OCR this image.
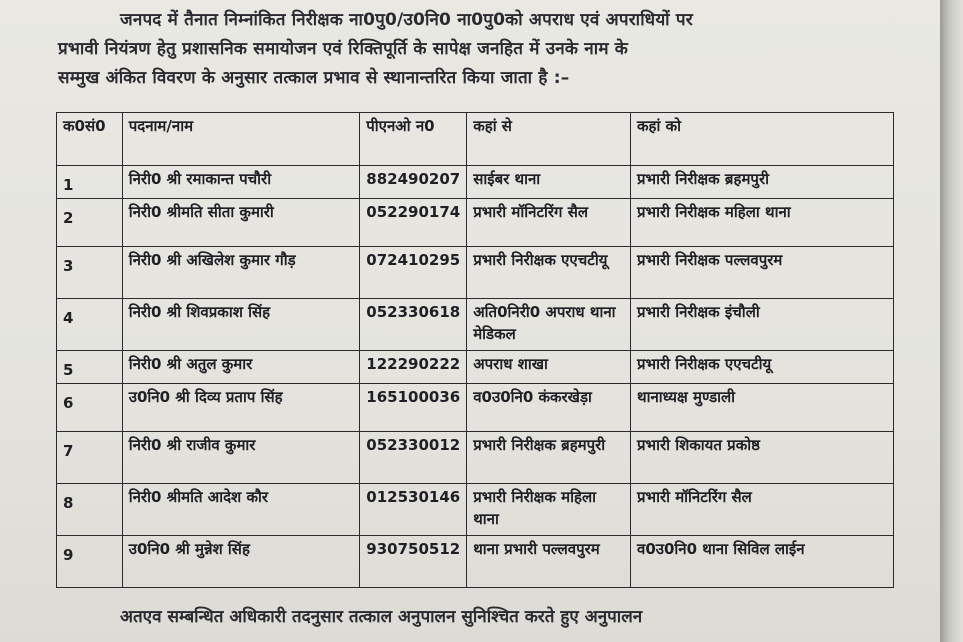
जनपद में तैनात निम्नांकित निरीक्षक ना0पु0/उ0नि0 ना0पु0को अपराध एवं अपराधियों पर

प्रभावी नियंत्रण हेतु प्रशासनिक समायोजन एवं रिक्तिपूर्ति के सापेक्ष जनहित में उनके नाम के

सम्मुख अंकित विवरण के अनुसार तत्काल प्रभाव से स्थानान्तरित किया जाता है :–

क0सं0	पदनाम/नाम	पीएनओ न0	कहां से	कहां को
1	निरी0 श्री रमाकान्त पचौरी	882490207	साईबर थाना	प्रभारी निरीक्षक ब्रहमपुरी
2	निरी0 श्रीमति सीता कुमारी	052290174	प्रभारी मॉनिटरिंग सैल	प्रभारी निरीक्षक महिला थाना
3	निरी0 श्री अखिलेश कुमार गौड़	072410295	प्रभारी निरीक्षक एएचटीयू	प्रभारी निरीक्षक पल्लवपुरम
4	निरी0 श्री शिवप्रकाश सिंह	052330618	अति0निरी0 अपराध थाना मेडिकल	प्रभारी निरीक्षक इंचौली
5	निरी0 श्री अतुल कुमार	122290222	अपराध शाखा	प्रभारी निरीक्षक एएचटीयू
6	उ0नि0 श्री दिव्य प्रताप सिंह	165100036	व0उ0नि0 कंकरखेड़ा	थानाध्यक्ष मुण्डाली
7	निरी0 श्री राजीव कुमार	052330012	प्रभारी निरीक्षक ब्रहमपुरी	प्रभारी शिकायत प्रकोष्ठ
8	निरी0 श्रीमति आदेश कौर	012530146	प्रभारी निरीक्षक महिला थाना	प्रभारी मॉनिटरिंग सैल
9	उ0नि0 श्री मुन्नेश सिंह	930750512	थाना प्रभारी पल्लवपुरम	व0उ0नि0 थाना सिविल लाईन
अतएव सम्बन्धित अधिकारी तदनुसार तत्काल अनुपालन सुनिश्चित करते हुए अनुपालन
